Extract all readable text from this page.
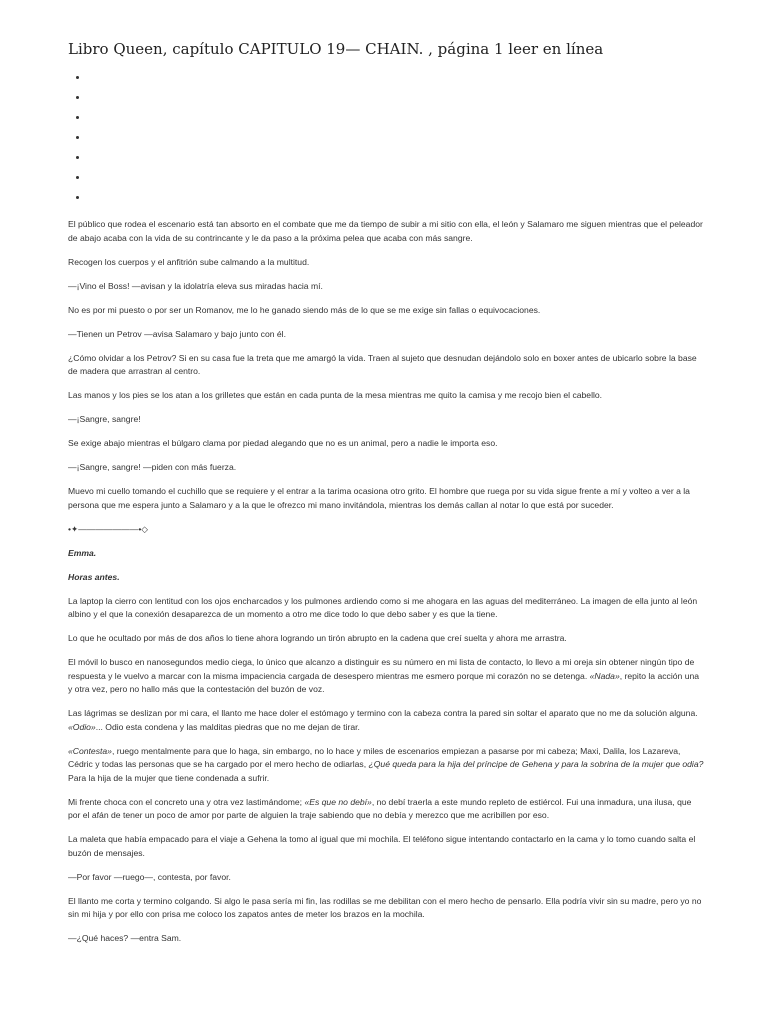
Libro Queen, capítulo CAPITULO 19— CHAIN. , página 1 leer en línea

El público que rodea el escenario está tan absorto en el combate que me da tiempo de subir a mi sitio con ella, el león y Salamaro me siguen mientras que el peleador de abajo acaba con la vida de su contrincante y le da paso a la próxima pelea que acaba con más sangre.

Recogen los cuerpos y el anfitrión sube calmando a la multitud.

—¡Vino el Boss! —avisan y la idolatría eleva sus miradas hacia mí.

No es por mi puesto o por ser un Romanov, me lo he ganado siendo más de lo que se me exige sin fallas o equivocaciones.

—Tienen un Petrov —avisa Salamaro y bajo junto con él.

¿Cómo olvidar a los Petrov? Si en su casa fue la treta que me amargó la vida. Traen al sujeto que desnudan dejándolo solo en boxer antes de ubicarlo sobre la base de madera que arrastran al centro.

Las manos y los pies se los atan a los grilletes que están en cada punta de la mesa mientras me quito la camisa y me recojo bien el cabello.

—¡Sangre, sangre!

Se exige abajo mientras el búlgaro clama por piedad alegando que no es un animal, pero a nadie le importa eso.

—¡Sangre, sangre! —piden con más fuerza.

Muevo mi cuello tomando el cuchillo que se requiere y el entrar a la tarima ocasiona otro grito. El hombre que ruega por su vida sigue frente a mí y volteo a ver a la persona que me espera junto a Salamaro y a la que le ofrezco mi mano invitándola, mientras los demás callan al notar lo que está por suceder.

•✦———————•◇

Emma.

Horas antes.

La laptop la cierro con lentitud con los ojos encharcados y los pulmones ardiendo como si me ahogara en las aguas del mediterráneo. La imagen de ella junto al león albino y el que la conexión desaparezca de un momento a otro me dice todo lo que debo saber y es que la tiene.

Lo que he ocultado por más de dos años lo tiene ahora logrando un tirón abrupto en la cadena que creí suelta y ahora me arrastra.

El móvil lo busco en nanosegundos medio ciega, lo único que alcanzo a distinguir es su número en mi lista de contacto, lo llevo a mi oreja sin obtener ningún tipo de respuesta y le vuelvo a marcar con la misma impaciencia cargada de desespero mientras me esmero porque mi corazón no se detenga. «Nada», repito la acción una y otra vez, pero no hallo más que la contestación del buzón de voz.

Las lágrimas se deslizan por mi cara, el llanto me hace doler el estómago y termino con la cabeza contra la pared sin soltar el aparato que no me da solución alguna. «Odio»... Odio esta condena y las malditas piedras que no me dejan de tirar.

«Contesta», ruego mentalmente para que lo haga, sin embargo, no lo hace y miles de escenarios empiezan a pasarse por mi cabeza; Maxi, Dalila, los Lazareva, Cédric y todas las personas que se ha cargado por el mero hecho de odiarlas, ¿Qué queda para la hija del príncipe de Gehena y para la sobrina de la mujer que odia? Para la hija de la mujer que tiene condenada a sufrir.

Mi frente choca con el concreto una y otra vez lastimándome; «Es que no debí», no debí traerla a este mundo repleto de estiércol. Fui una inmadura, una ilusa, que por el afán de tener un poco de amor por parte de alguien la traje sabiendo que no debía y merezco que me acribillen por eso.

La maleta que había empacado para el viaje a Gehena la tomo al igual que mi mochila. El teléfono sigue intentando contactarlo en la cama y lo tomo cuando salta el buzón de mensajes.

—Por favor —ruego—, contesta, por favor.

El llanto me corta y termino colgando. Si algo le pasa sería mi fin, las rodillas se me debilitan con el mero hecho de pensarlo. Ella podría vivir sin su madre, pero yo no sin mi hija y por ello con prisa me coloco los zapatos antes de meter los brazos en la mochila.

—¿Qué haces? —entra Sam.
